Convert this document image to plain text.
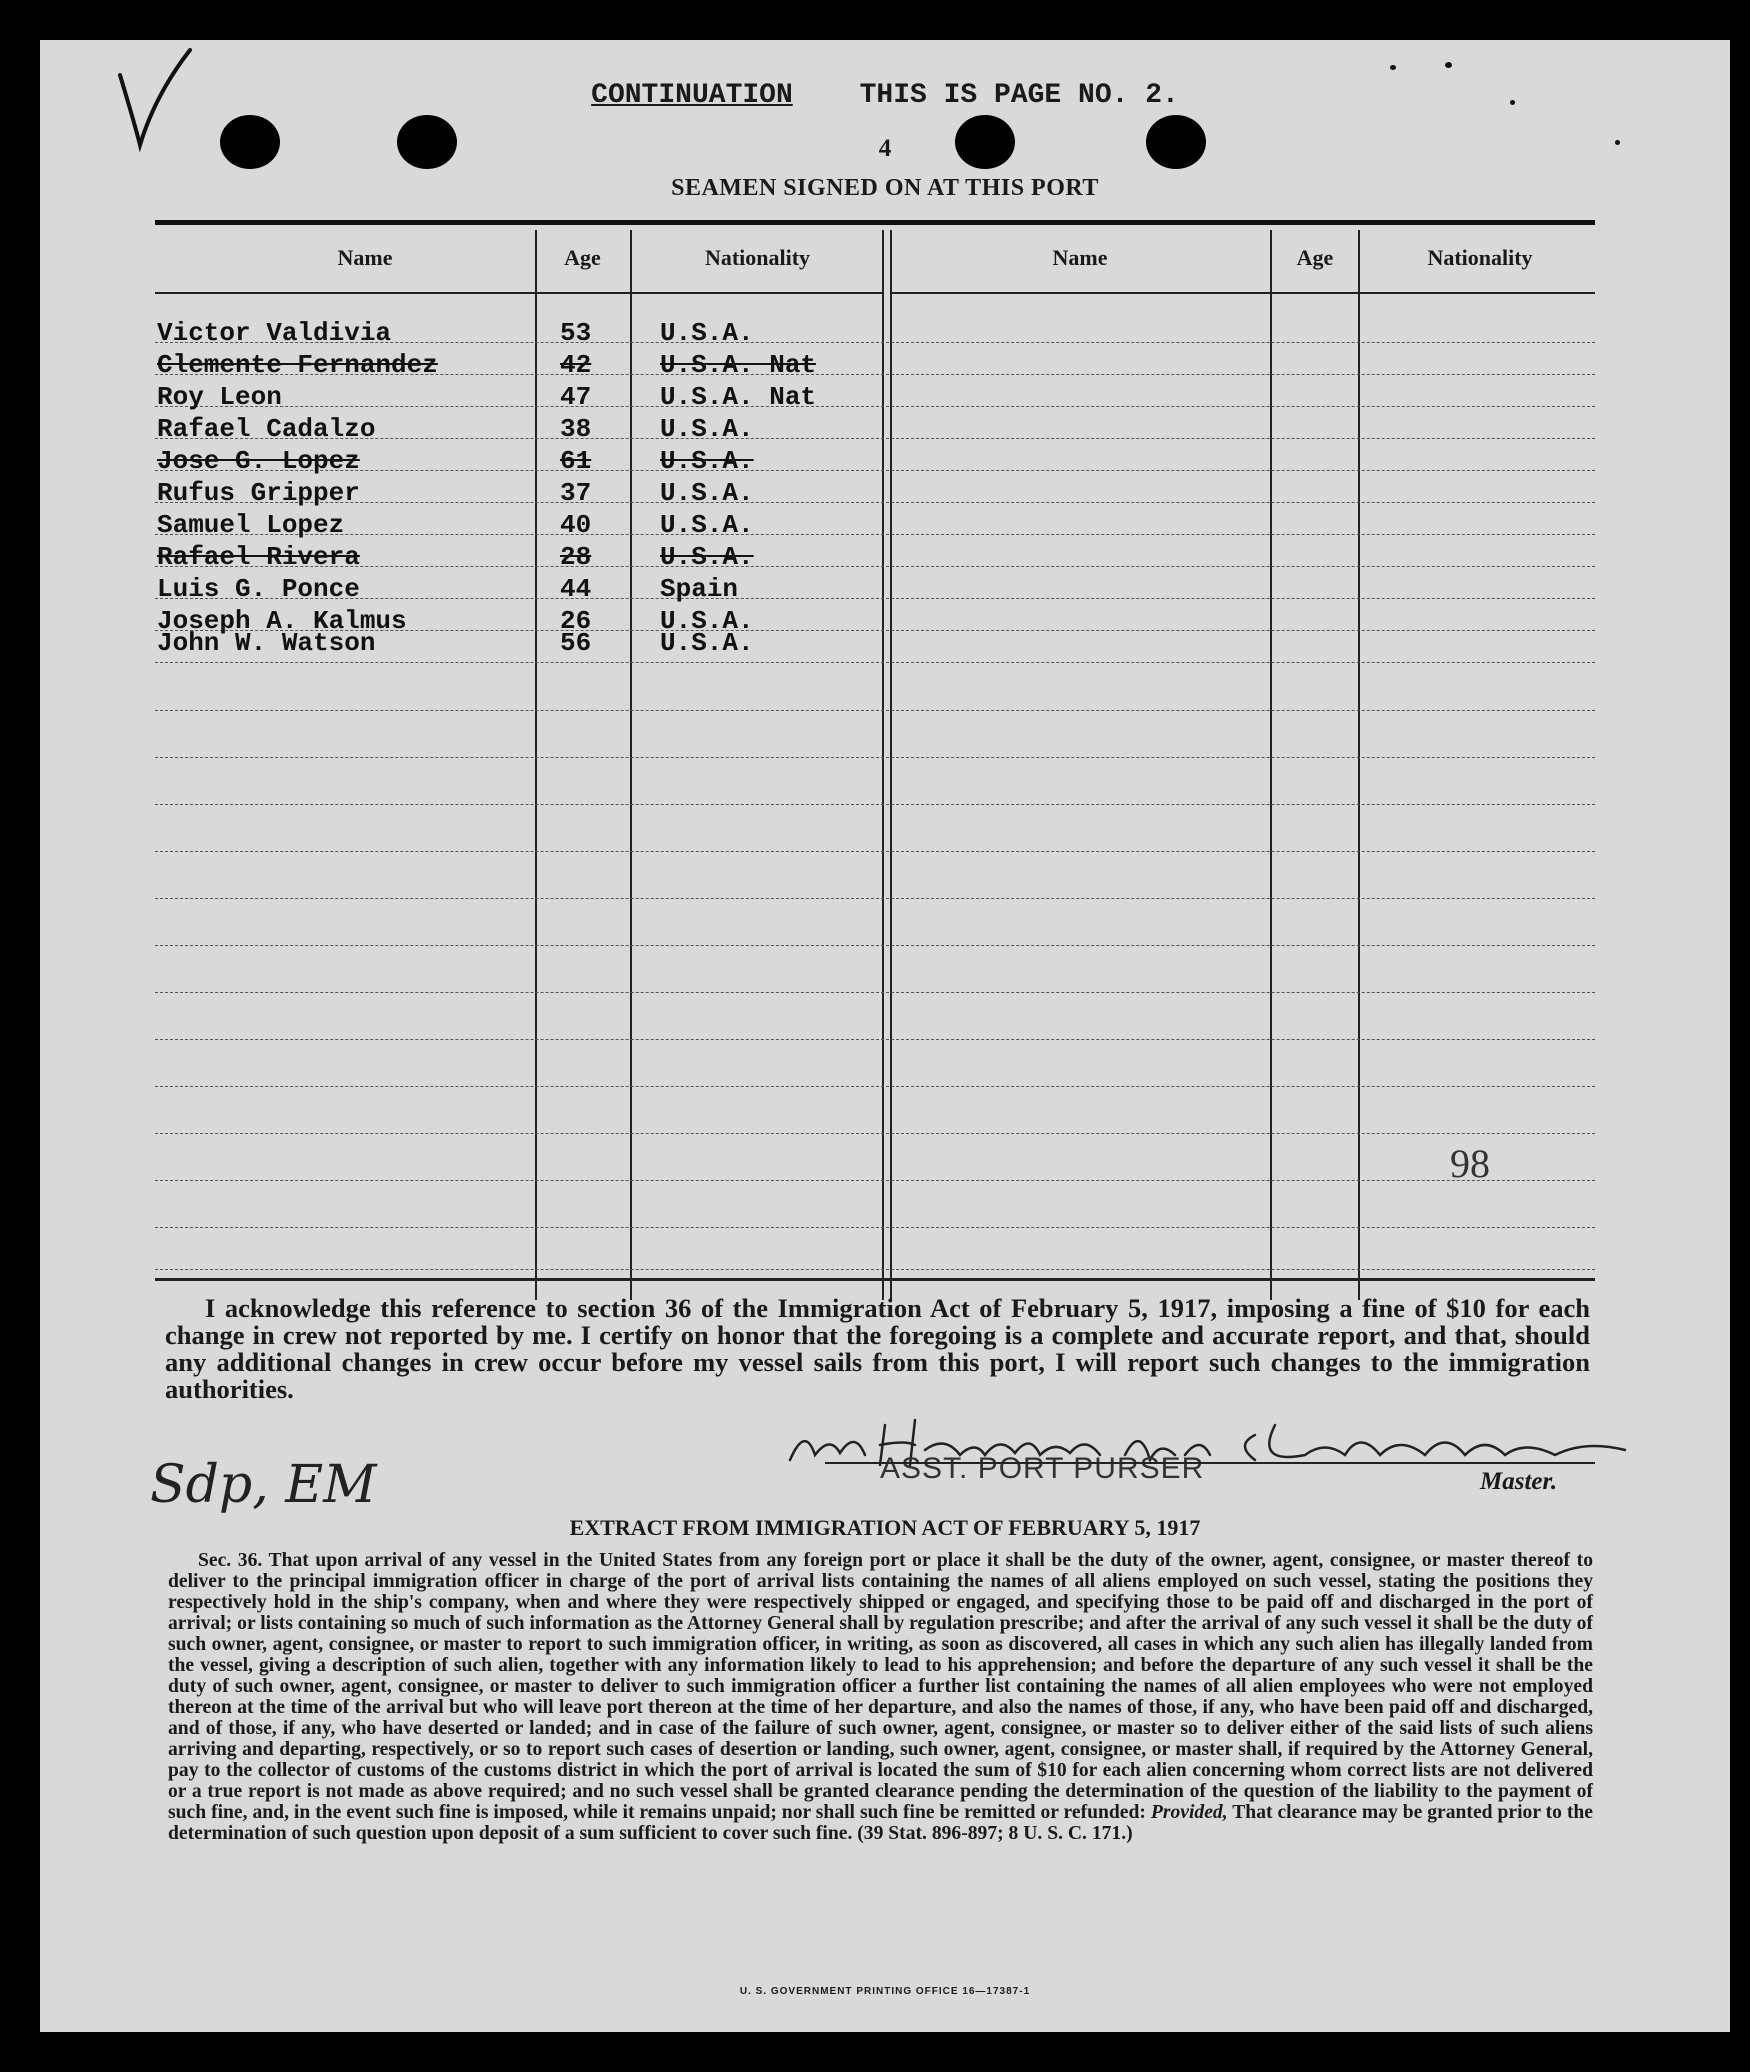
CONTINUATION THIS IS PAGE NO. 2.
4
SEAMEN SIGNED ON AT THIS PORT
Name	Age	Nationality	Name	Age	Nationality
Victor Valdivia	53	U.S.A.
Clemente Fernandez	42	U.S.A. Nat
Roy Leon	47	U.S.A. Nat
Rafael Cadalzo	38	U.S.A.
Jose G. Lopez	61	U.S.A.
Rufus Gripper	37	U.S.A.
Samuel Lopez	40	U.S.A.
Rafael Rivera	28	U.S.A.
Luis G. Ponce	44	Spain
Joseph A. Kalmus	26	U.S.A.
John W. Watson	56	U.S.A.
98
I acknowledge this reference to section 36 of the Immigration Act of February 5, 1917, imposing a fine of $10 for each change in crew not reported by me. I certify on honor that the foregoing is a complete and accurate report, and that, should any additional changes in crew occur before my vessel sails from this port, I will report such changes to the immigration authorities.
ASST. PORT PURSER	Master.
Sdp, EM
EXTRACT FROM IMMIGRATION ACT OF FEBRUARY 5, 1917
Sec. 36. That upon arrival of any vessel in the United States from any foreign port or place it shall be the duty of the owner, agent, consignee, or master thereof to deliver to the principal immigration officer in charge of the port of arrival lists containing the names of all aliens employed on such vessel, stating the positions they respectively hold in the ship's company, when and where they were respectively shipped or engaged, and specifying those to be paid off and discharged in the port of arrival; or lists containing so much of such information as the Attorney General shall by regulation prescribe; and after the arrival of any such vessel it shall be the duty of such owner, agent, consignee, or master to report to such immigration officer, in writing, as soon as discovered, all cases in which any such alien has illegally landed from the vessel, giving a description of such alien, together with any information likely to lead to his apprehension; and before the departure of any such vessel it shall be the duty of such owner, agent, consignee, or master to deliver to such immigration officer a further list containing the names of all alien employees who were not employed thereon at the time of the arrival but who will leave port thereon at the time of her departure, and also the names of those, if any, who have been paid off and discharged, and of those, if any, who have deserted or landed; and in case of the failure of such owner, agent, consignee, or master so to deliver either of the said lists of such aliens arriving and departing, respectively, or so to report such cases of desertion or landing, such owner, agent, consignee, or master shall, if required by the Attorney General, pay to the collector of customs of the customs district in which the port of arrival is located the sum of $10 for each alien concerning whom correct lists are not delivered or a true report is not made as above required; and no such vessel shall be granted clearance pending the determination of the question of the liability to the payment of such fine, and, in the event such fine is imposed, while it remains unpaid; nor shall such fine be remitted or refunded: Provided, That clearance may be granted prior to the determination of such question upon deposit of a sum sufficient to cover such fine. (39 Stat. 896-897; 8 U. S. C. 171.)
U. S. GOVERNMENT PRINTING OFFICE 16—17387-1
